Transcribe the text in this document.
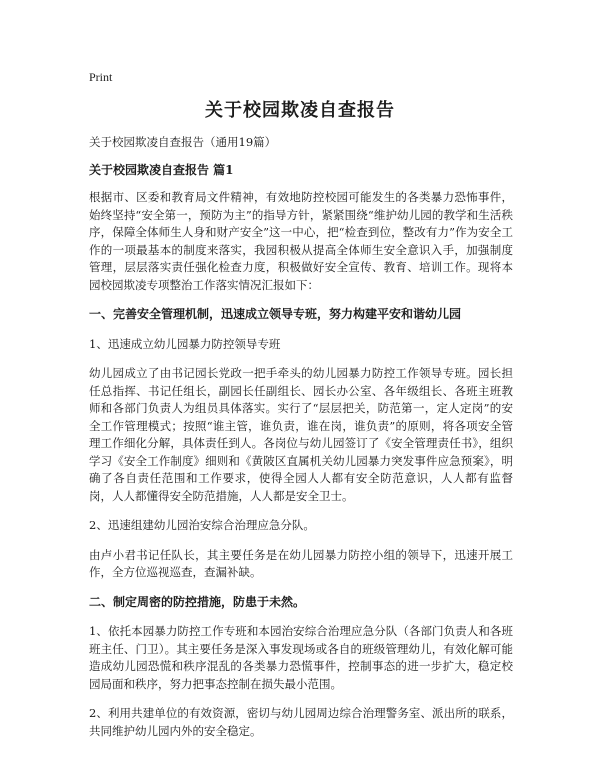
Print
关于校园欺凌自查报告

关于校园欺凌自查报告（通用19篇）

关于校园欺凌自查报告 篇1

根据市、区委和教育局文件精神，有效地防控校园可能发生的各类暴力恐怖事件，始终坚持“安全第一，预防为主”的指导方针，紧紧围绕“维护幼儿园的教学和生活秩序，保障全体师生人身和财产安全”这一中心，把“检查到位，整改有力”作为安全工作的一项最基本的制度来落实，我园积极从提高全体师生安全意识入手，加强制度管理，层层落实责任强化检查力度，积极做好安全宣传、教育、培训工作。现将本园校园欺凌专项整治工作落实情况汇报如下：

一、完善安全管理机制，迅速成立领导专班，努力构建平安和谐幼儿园

1、迅速成立幼儿园暴力防控领导专班

幼儿园成立了由书记园长党政一把手牵头的幼儿园暴力防控工作领导专班。园长担任总指挥、书记任组长，副园长任副组长、园长办公室、各年级组长、各班主班教师和各部门负责人为组员具体落实。实行了“层层把关，防范第一，定人定岗”的安全工作管理模式；按照“谁主管，谁负责，谁在岗，谁负责”的原则，将各项安全管理工作细化分解，具体责任到人。各岗位与幼儿园签订了《安全管理责任书》，组织学习《安全工作制度》细则和《黄陂区直属机关幼儿园暴力突发事件应急预案》，明确了各自责任范围和工作要求，使得全园人人都有安全防范意识，人人都有监督岗，人人都懂得安全防范措施，人人都是安全卫士。

2、迅速组建幼儿园治安综合治理应急分队。

由卢小君书记任队长，其主要任务是在幼儿园暴力防控小组的领导下，迅速开展工作，全方位巡视巡查，查漏补缺。

二、制定周密的防控措施，防患于未然。

1、依托本园暴力防控工作专班和本园治安综合治理应急分队（各部门负责人和各班班主任、门卫）。其主要任务是深入事发现场或各自的班级管理幼儿，有效化解可能造成幼儿园恐慌和秩序混乱的各类暴力恐慌事件，控制事态的进一步扩大，稳定校园局面和秩序，努力把事态控制在损失最小范围。

2、利用共建单位的有效资源，密切与幼儿园周边综合治理警务室、派出所的联系，共同维护幼儿园内外的安全稳定。
